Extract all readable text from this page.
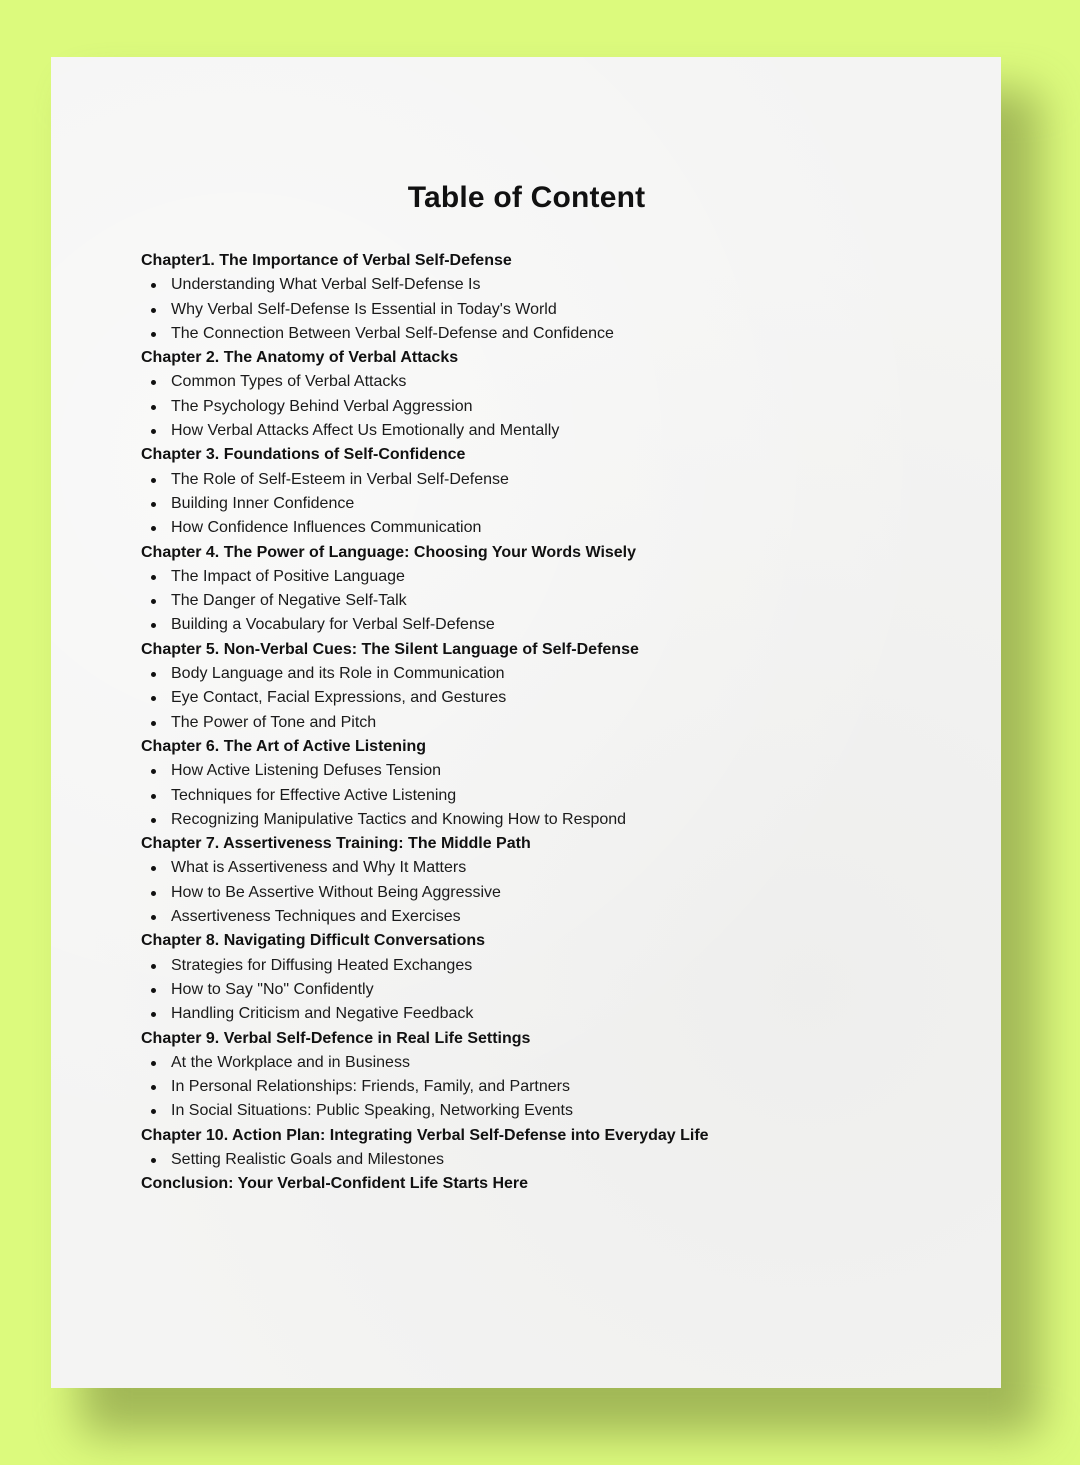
Table of Content
Chapter1. The Importance of Verbal Self-Defense
Understanding What Verbal Self-Defense Is
Why Verbal Self-Defense Is Essential in Today's World
The Connection Between Verbal Self-Defense and Confidence
Chapter 2. The Anatomy of Verbal Attacks
Common Types of Verbal Attacks
The Psychology Behind Verbal Aggression
How Verbal Attacks Affect Us Emotionally and Mentally
Chapter 3. Foundations of Self-Confidence
The Role of Self-Esteem in Verbal Self-Defense
Building Inner Confidence
How Confidence Influences Communication
Chapter 4. The Power of Language: Choosing Your Words Wisely
The Impact of Positive Language
The Danger of Negative Self-Talk
Building a Vocabulary for Verbal Self-Defense
Chapter 5. Non-Verbal Cues: The Silent Language of Self-Defense
Body Language and its Role in Communication
Eye Contact, Facial Expressions, and Gestures
The Power of Tone and Pitch
Chapter 6. The Art of Active Listening
How Active Listening Defuses Tension
Techniques for Effective Active Listening
Recognizing Manipulative Tactics and Knowing How to Respond
Chapter 7. Assertiveness Training: The Middle Path
What is Assertiveness and Why It Matters
How to Be Assertive Without Being Aggressive
Assertiveness Techniques and Exercises
Chapter 8. Navigating Difficult Conversations
Strategies for Diffusing Heated Exchanges
How to Say "No" Confidently
Handling Criticism and Negative Feedback
Chapter 9. Verbal Self-Defence in Real Life Settings
At the Workplace and in Business
In Personal Relationships: Friends, Family, and Partners
In Social Situations: Public Speaking, Networking Events
Chapter 10. Action Plan: Integrating Verbal Self-Defense into Everyday Life
Setting Realistic Goals and Milestones
Conclusion: Your Verbal-Confident Life Starts Here
